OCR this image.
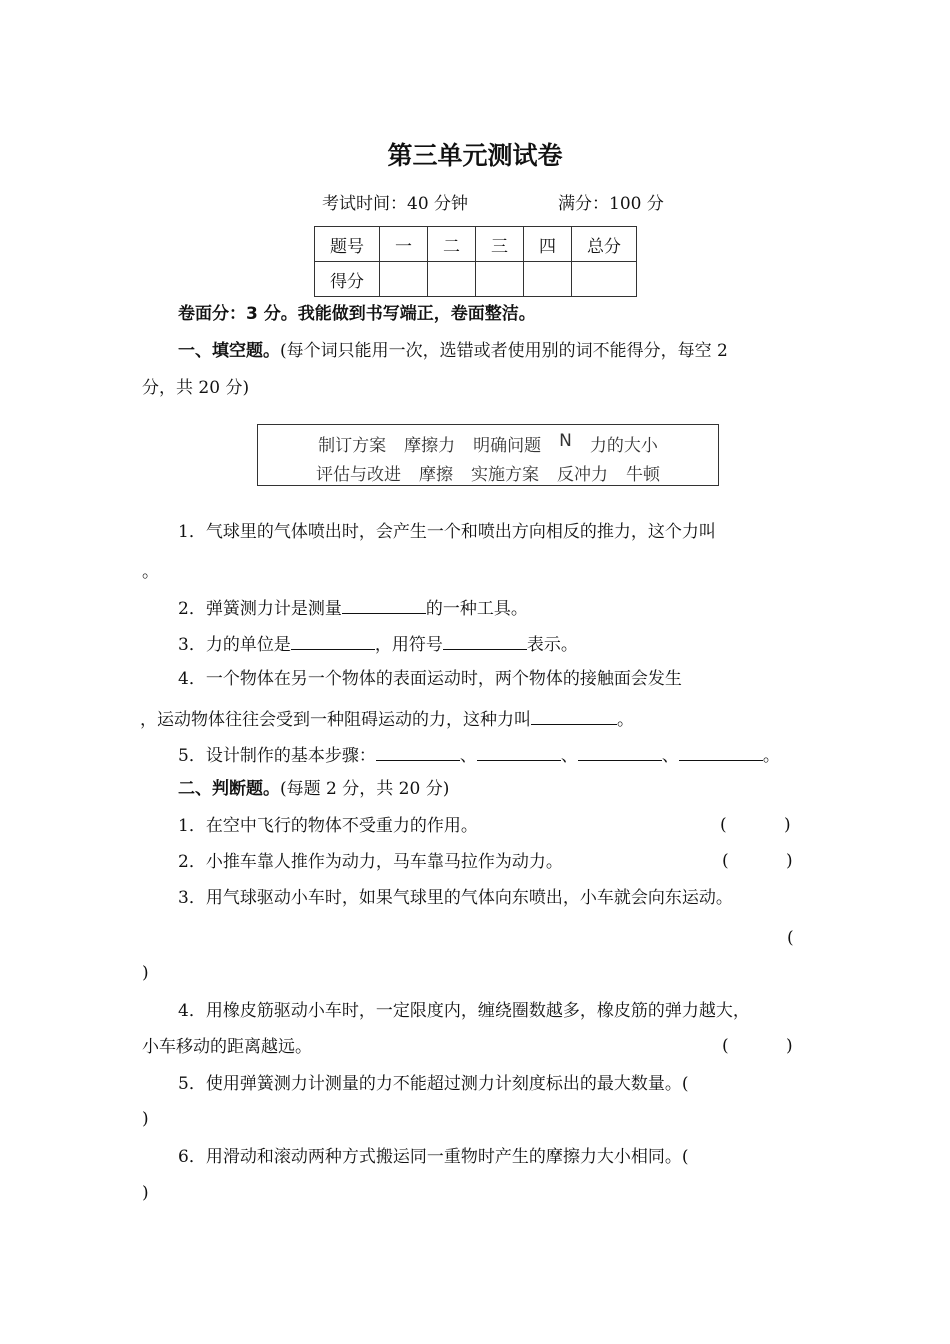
第三单元测试卷
考试时间：40 分钟	满分：100 分
题号	一	二	三	四	总分
得分					
卷面分：3 分。我能做到书写端正，卷面整洁。
一、填空题。(每个词只能用一次，选错或者使用别的词不能得分，每空 2
分，共 20 分)
制订方案 摩擦力 明确问题 N 力的大小
评估与改进 摩擦 实施方案 反冲力 牛顿
1．气球里的气体喷出时，会产生一个和喷出方向相反的推力，这个力叫
。
2．弹簧测力计是测量	的一种工具。
3．力的单位是	，用符号	表示。
4．一个物体在另一个物体的表面运动时，两个物体的接触面会发生
，运动物体往往会受到一种阻碍运动的力，这种力叫	。
5．设计制作的基本步骤：	、	、	、	。
二、判断题。(每题 2 分，共 20 分)
1．在空中飞行的物体不受重力的作用。	(	)
2．小推车靠人推作为动力，马车靠马拉作为动力。	(	)
3．用气球驱动小车时，如果气球里的气体向东喷出，小车就会向东运动。
(
)
4．用橡皮筋驱动小车时，一定限度内，缠绕圈数越多，橡皮筋的弹力越大，
小车移动的距离越远。	(	)
5．使用弹簧测力计测量的力不能超过测力计刻度标出的最大数量。(
)
6．用滑动和滚动两种方式搬运同一重物时产生的摩擦力大小相同。(
)
